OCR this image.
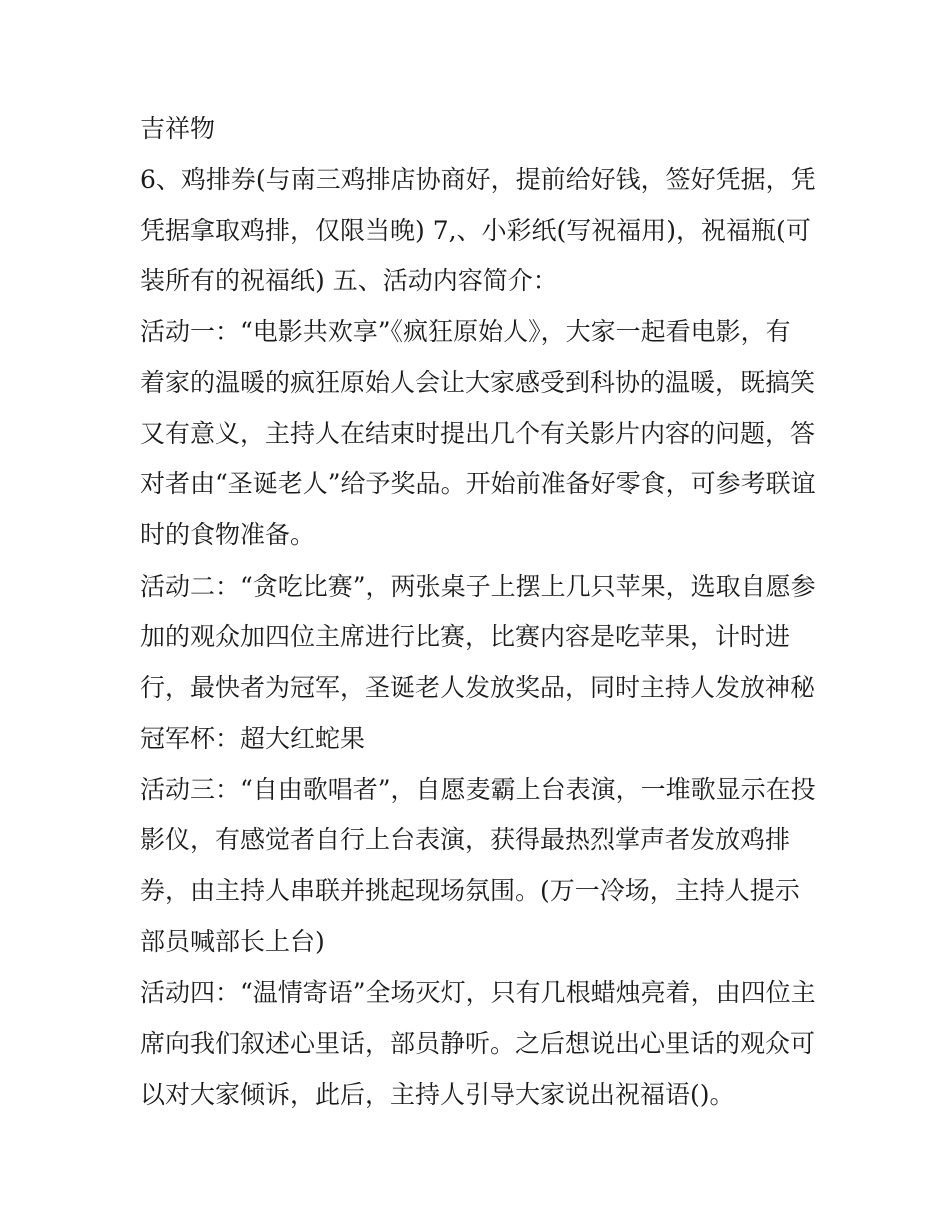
吉祥物
6、鸡排券(与南三鸡排店协商好，提前给好钱，签好凭据，凭
凭据拿取鸡排，仅限当晚) 7,、小彩纸(写祝福用)，祝福瓶(可
装所有的祝福纸) 五、活动内容简介：
活动一：“电影共欢享”《疯狂原始人》，大家一起看电影，有
着家的温暖的疯狂原始人会让大家感受到科协的温暖，既搞笑
又有意义，主持人在结束时提出几个有关影片内容的问题，答
对者由“圣诞老人”给予奖品。开始前准备好零食，可参考联谊
时的食物准备。
活动二：“贪吃比赛”，两张桌子上摆上几只苹果，选取自愿参
加的观众加四位主席进行比赛，比赛内容是吃苹果，计时进
行，最快者为冠军，圣诞老人发放奖品，同时主持人发放神秘
冠军杯：超大红蛇果
活动三：“自由歌唱者”，自愿麦霸上台表演，一堆歌显示在投
影仪，有感觉者自行上台表演，获得最热烈掌声者发放鸡排
券，由主持人串联并挑起现场氛围。(万一冷场，主持人提示
部员喊部长上台)
活动四：“温情寄语”全场灭灯，只有几根蜡烛亮着，由四位主
席向我们叙述心里话，部员静听。之后想说出心里话的观众可
以对大家倾诉，此后，主持人引导大家说出祝福语()。
